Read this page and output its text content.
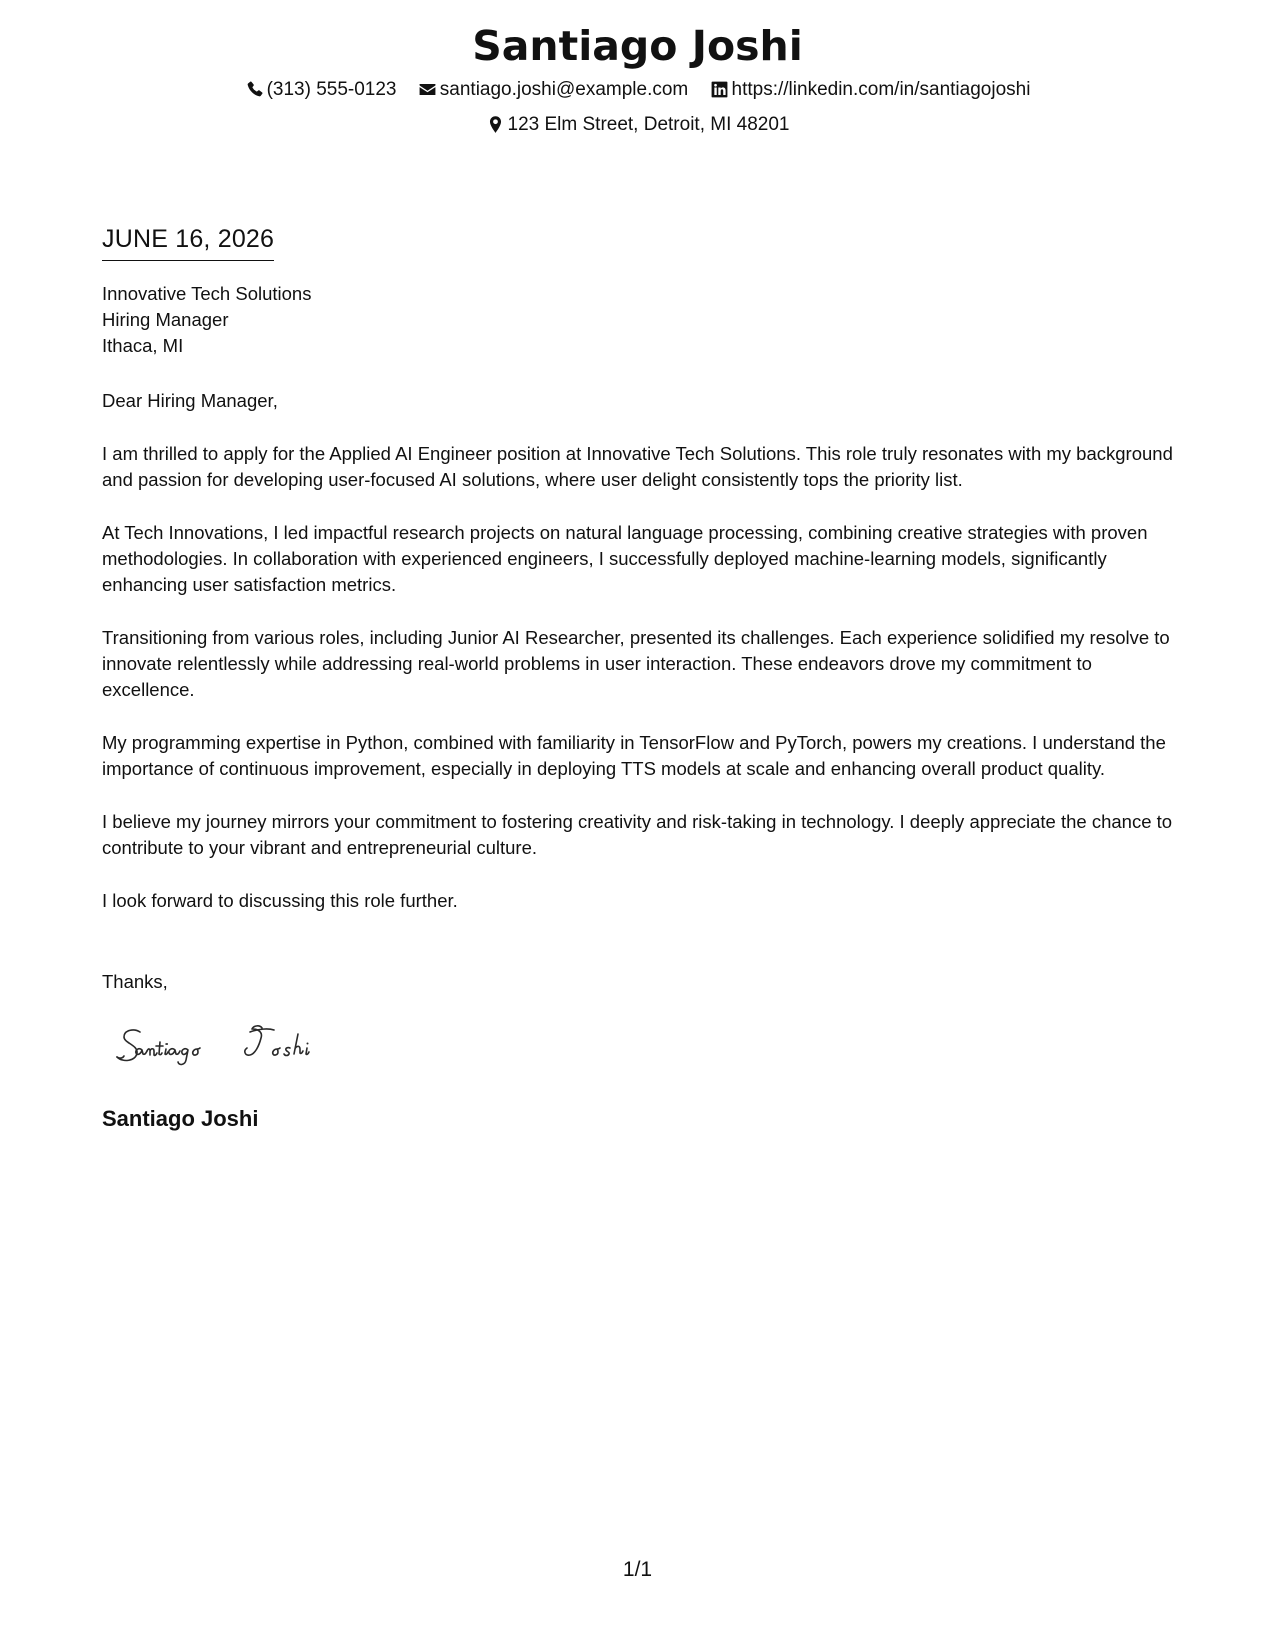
Santiago Joshi
(313) 555-0123
santiago.joshi@example.com
https://linkedin.com/in/santiagojoshi
123 Elm Street, Detroit, MI 48201
JUNE 16, 2026
Innovative Tech Solutions
Hiring Manager
Ithaca, MI

Dear Hiring Manager,

I am thrilled to apply for the Applied AI Engineer position at Innovative Tech Solutions. This role truly resonates with my background and passion for developing user-focused AI solutions, where user delight consistently tops the priority list.

At Tech Innovations, I led impactful research projects on natural language processing, combining creative strategies with proven methodologies. In collaboration with experienced engineers, I successfully deployed machine-learning models, significantly enhancing user satisfaction metrics.

Transitioning from various roles, including Junior AI Researcher, presented its challenges. Each experience solidified my resolve to innovate relentlessly while addressing real-world problems in user interaction. These endeavors drove my commitment to excellence.

My programming expertise in Python, combined with familiarity in TensorFlow and PyTorch, powers my creations. I understand the importance of continuous improvement, especially in deploying TTS models at scale and enhancing overall product quality.

I believe my journey mirrors your commitment to fostering creativity and risk-taking in technology. I deeply appreciate the chance to contribute to your vibrant and entrepreneurial culture.

I look forward to discussing this role further.

Thanks,
Santiago Joshi
1/1
